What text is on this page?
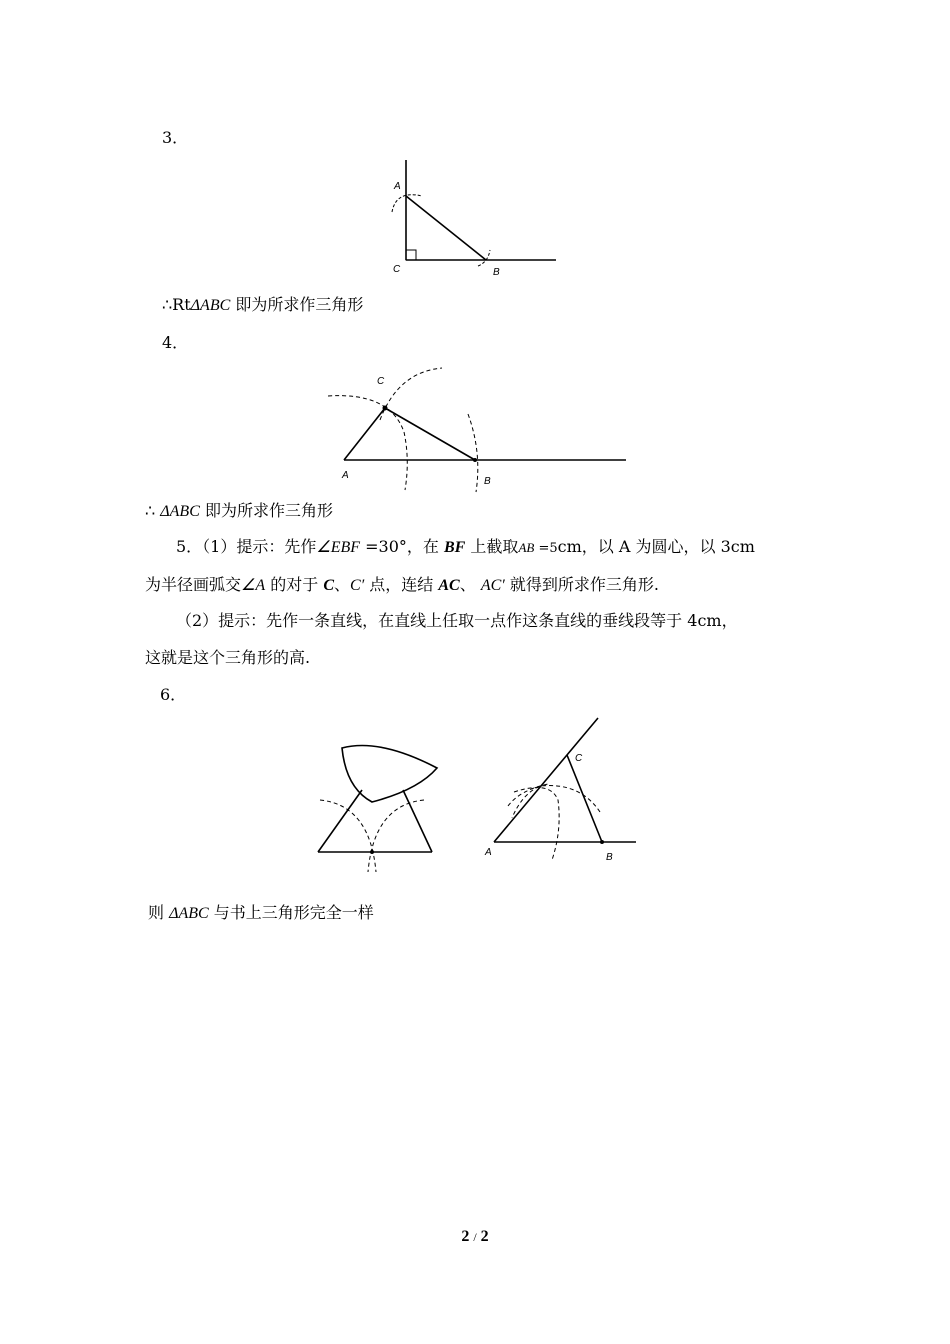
3．
A
C	B
∴RtΔABC 即为所求作三角形
4．
C
A
B
∴ ΔABC 即为所求作三角形
5．（1）提示：先作∠EBF =30°，在 BF 上截取AB =5cm，以 A 为圆心，以 3cm
为半径画弧交∠A 的对于 C、C′ 点，连结 AC、 AC′ 就得到所求作三角形.
（2）提示：先作一条直线，在直线上任取一点作这条直线的垂线段等于 4cm，
这就是这个三角形的高.
6．
C
A	B
则 ΔABC 与书上三角形完全一样
2 / 2
